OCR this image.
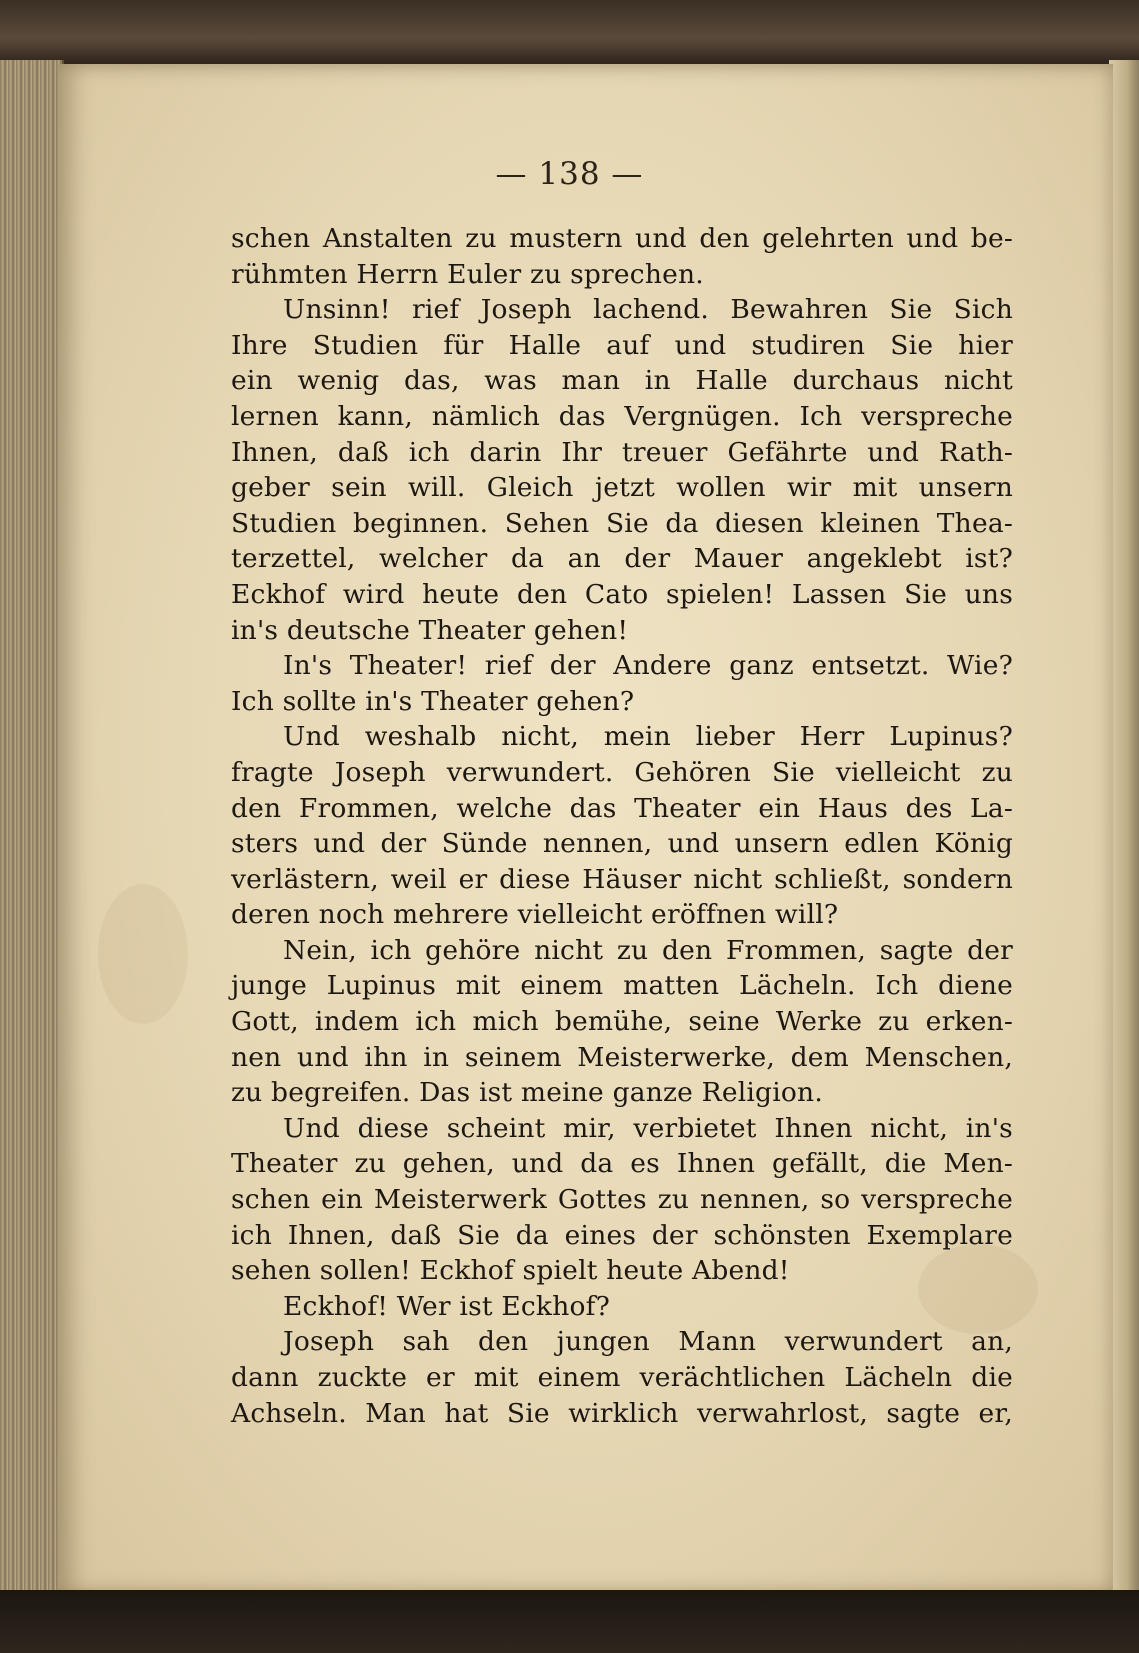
— 138 —
schen Anstalten zu mustern und den gelehrten und be-
rühmten Herrn Euler zu sprechen.
Unsinn! rief Joseph lachend. Bewahren Sie Sich
Ihre Studien für Halle auf und studiren Sie hier
ein wenig das, was man in Halle durchaus nicht
lernen kann, nämlich das Vergnügen. Ich verspreche
Ihnen, daß ich darin Ihr treuer Gefährte und Rath-
geber sein will. Gleich jetzt wollen wir mit unsern
Studien beginnen. Sehen Sie da diesen kleinen Thea-
terzettel, welcher da an der Mauer angeklebt ist?
Eckhof wird heute den Cato spielen! Lassen Sie uns
in's deutsche Theater gehen!
In's Theater! rief der Andere ganz entsetzt. Wie?
Ich sollte in's Theater gehen?
Und weshalb nicht, mein lieber Herr Lupinus?
fragte Joseph verwundert. Gehören Sie vielleicht zu
den Frommen, welche das Theater ein Haus des La-
sters und der Sünde nennen, und unsern edlen König
verlästern, weil er diese Häuser nicht schließt, sondern
deren noch mehrere vielleicht eröffnen will?
Nein, ich gehöre nicht zu den Frommen, sagte der
junge Lupinus mit einem matten Lächeln. Ich diene
Gott, indem ich mich bemühe, seine Werke zu erken-
nen und ihn in seinem Meisterwerke, dem Menschen,
zu begreifen. Das ist meine ganze Religion.
Und diese scheint mir, verbietet Ihnen nicht, in's
Theater zu gehen, und da es Ihnen gefällt, die Men-
schen ein Meisterwerk Gottes zu nennen, so verspreche
ich Ihnen, daß Sie da eines der schönsten Exemplare
sehen sollen! Eckhof spielt heute Abend!
Eckhof! Wer ist Eckhof?
Joseph sah den jungen Mann verwundert an,
dann zuckte er mit einem verächtlichen Lächeln die
Achseln. Man hat Sie wirklich verwahrlost, sagte er,
